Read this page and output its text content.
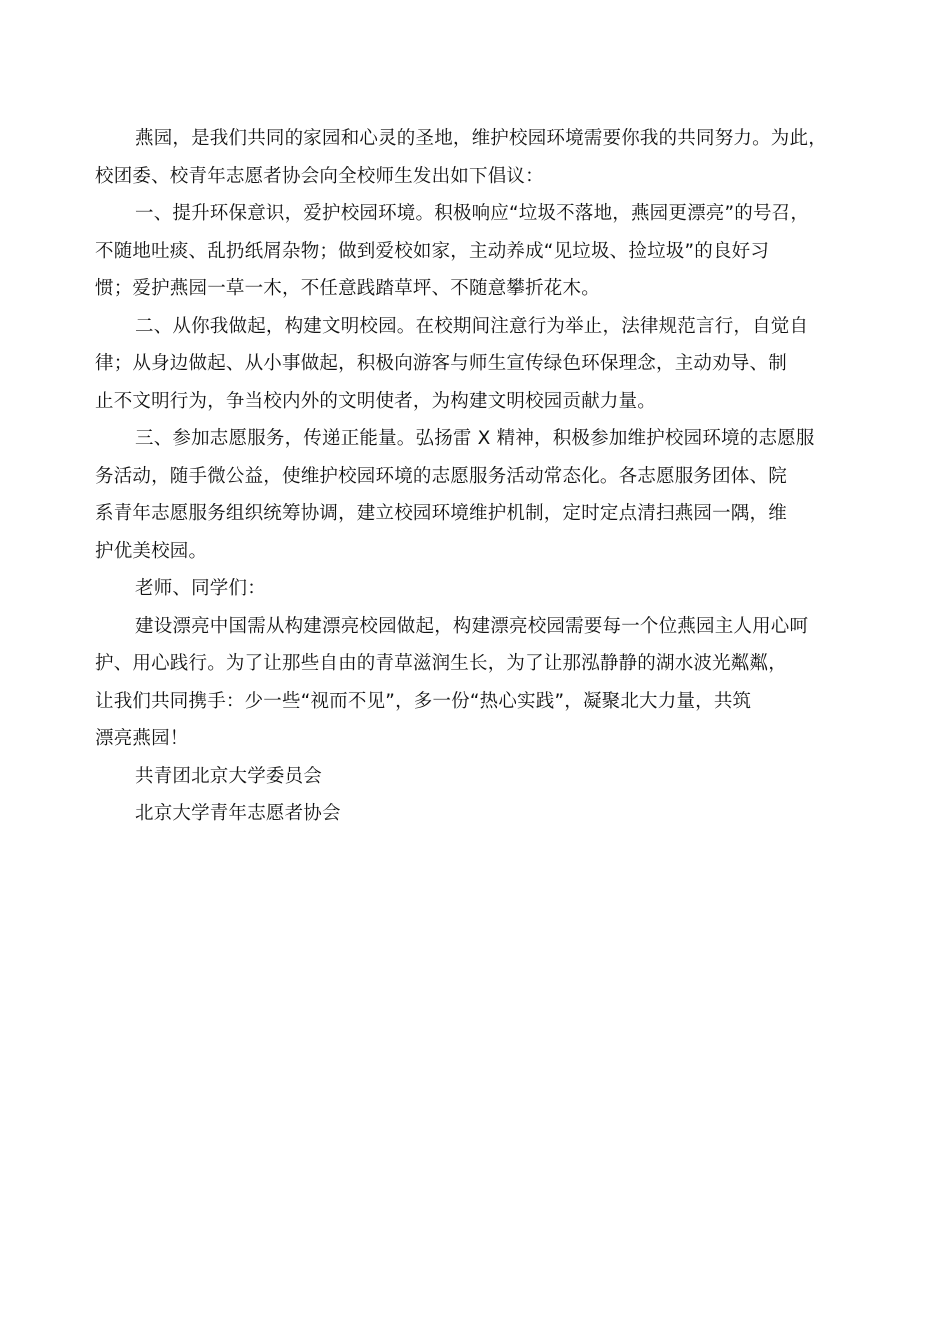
燕园，是我们共同的家园和心灵的圣地，维护校园环境需要你我的共同努力。为此，
校团委、校青年志愿者协会向全校师生发出如下倡议：

一、提升环保意识，爱护校园环境。积极响应“垃圾不落地，燕园更漂亮”的号召，
不随地吐痰、乱扔纸屑杂物；做到爱校如家，主动养成“见垃圾、捡垃圾”的良好习
惯；爱护燕园一草一木，不任意践踏草坪、不随意攀折花木。

二、从你我做起，构建文明校园。在校期间注意行为举止，法律规范言行，自觉自
律；从身边做起、从小事做起，积极向游客与师生宣传绿色环保理念，主动劝导、制
止不文明行为，争当校内外的文明使者，为构建文明校园贡献力量。

三、参加志愿服务，传递正能量。弘扬雷 X 精神，积极参加维护校园环境的志愿服
务活动，随手微公益，使维护校园环境的志愿服务活动常态化。各志愿服务团体、院
系青年志愿服务组织统筹协调，建立校园环境维护机制，定时定点清扫燕园一隅，维
护优美校园。

老师、同学们：

建设漂亮中国需从构建漂亮校园做起，构建漂亮校园需要每一个位燕园主人用心呵
护、用心践行。为了让那些自由的青草滋润生长，为了让那泓静静的湖水波光粼粼，
让我们共同携手：少一些“视而不见”，多一份“热心实践”，凝聚北大力量，共筑
漂亮燕园！

共青团北京大学委员会

北京大学青年志愿者协会
